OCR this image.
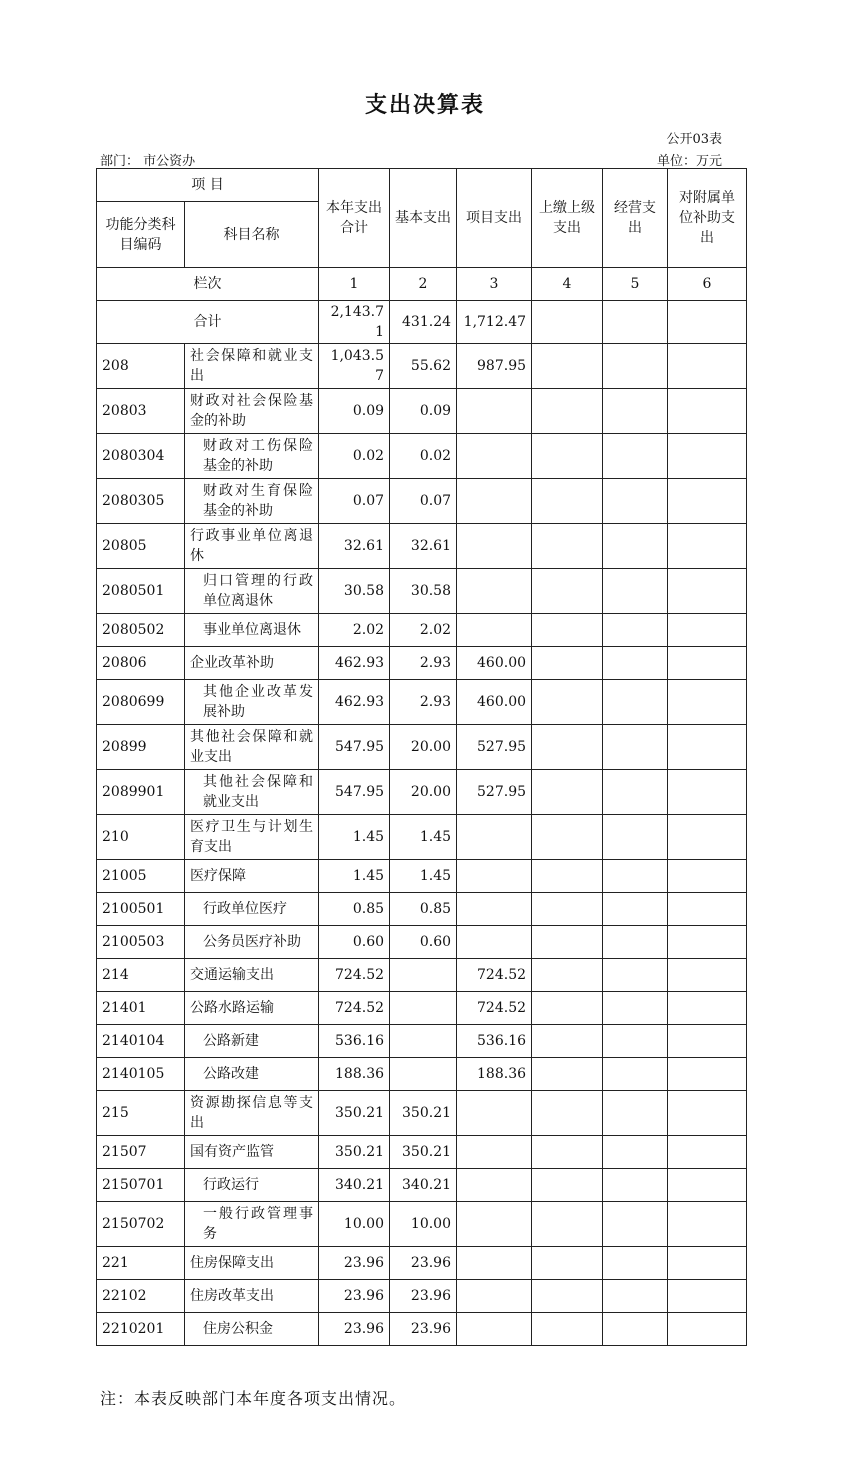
支出决算表
公开03表
部门： 市公资办	单位：万元
项 目		本年支出合计	基本支出	项目支出	上缴上级支出	经营支出	对附属单位补助支出
功能分类科目编码	科目名称						
栏次		1	2	3	4	5	6
合计		2,143.71	431.24	1,712.47			
208	社会保障和就业支出	1,043.57	55.62	987.95			
20803	财政对社会保险基金的补助	0.09	0.09				
2080304	财政对工伤保险基金的补助	0.02	0.02				
2080305	财政对生育保险基金的补助	0.07	0.07				
20805	行政事业单位离退休	32.61	32.61				
2080501	归口管理的行政单位离退休	30.58	30.58				
2080502	事业单位离退休	2.02	2.02				
20806	企业改革补助	462.93	2.93	460.00			
2080699	其他企业改革发展补助	462.93	2.93	460.00			
20899	其他社会保障和就业支出	547.95	20.00	527.95			
2089901	其他社会保障和就业支出	547.95	20.00	527.95			
210	医疗卫生与计划生育支出	1.45	1.45				
21005	医疗保障	1.45	1.45				
2100501	行政单位医疗	0.85	0.85				
2100503	公务员医疗补助	0.60	0.60				
214	交通运输支出	724.52		724.52			
21401	公路水路运输	724.52		724.52			
2140104	公路新建	536.16		536.16			
2140105	公路改建	188.36		188.36			
215	资源勘探信息等支出	350.21	350.21				
21507	国有资产监管	350.21	350.21				
2150701	行政运行	340.21	340.21				
2150702	一般行政管理事务	10.00	10.00				
221	住房保障支出	23.96	23.96				
22102	住房改革支出	23.96	23.96				
2210201	住房公积金	23.96	23.96				
注：本表反映部门本年度各项支出情况。
